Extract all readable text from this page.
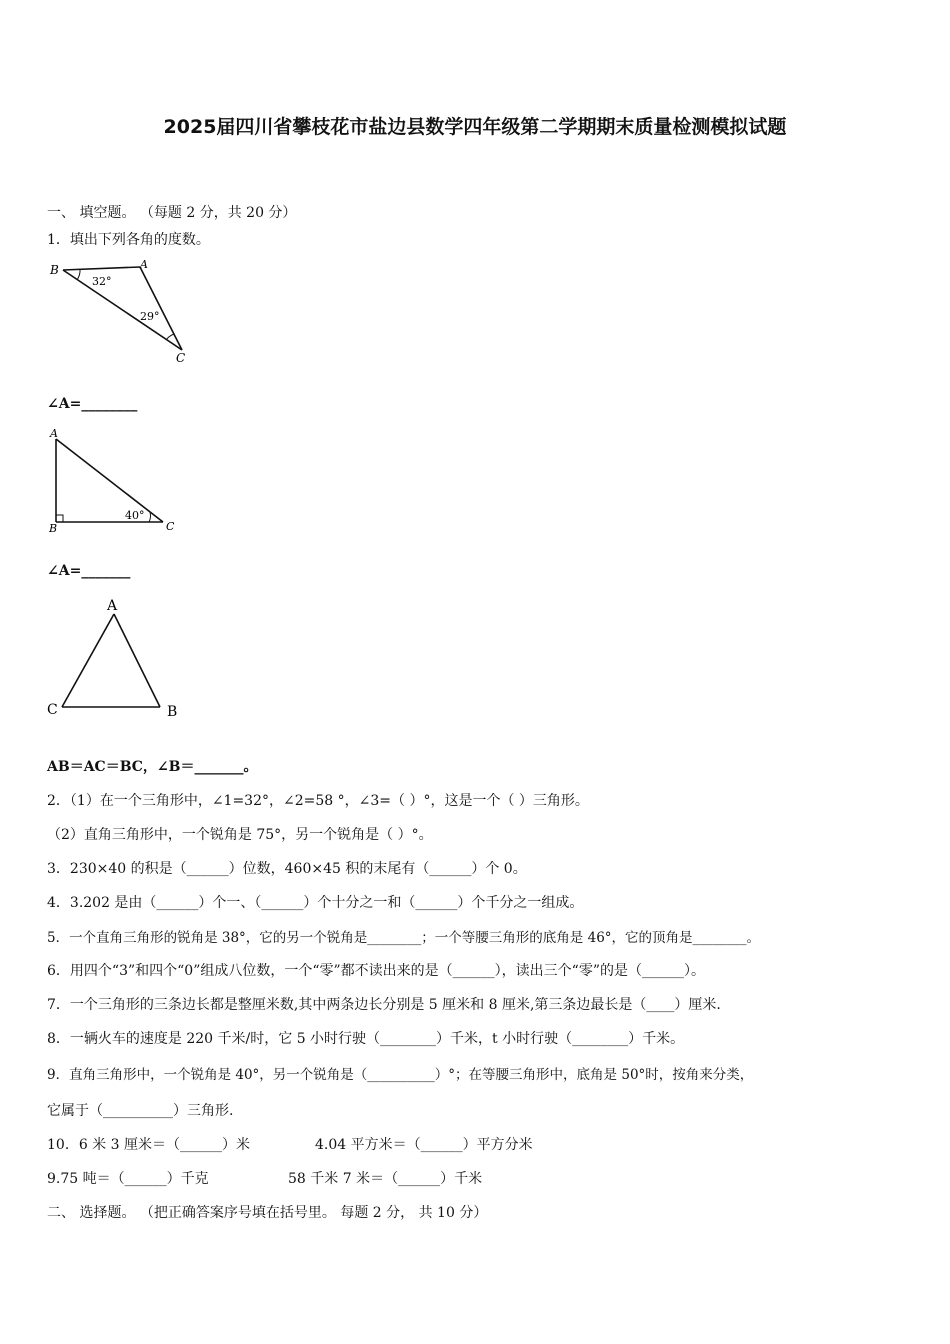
2025届四川省攀枝花市盐边县数学四年级第二学期期末质量检测模拟试题
一、 填空题。 （每题 2 分，共 20 分）
1．填出下列各角的度数。
B	A
C
32°
29°
∠A=________
A
B	C
40°
∠A=_______
A
C	B
AB＝AC＝BC，∠B＝_______。
2．（1）在一个三角形中，∠1=32°，∠2=58 °，∠3=（ ）°，这是一个（ ）三角形。
（2）直角三角形中，一个锐角是 75°，另一个锐角是（ ）°。
3．230×40 的积是（______）位数，460×45 积的末尾有（______）个 0。
4．3.202 是由（______）个一、（______）个十分之一和（______）个千分之一组成。
5．一个直角三角形的锐角是 38°，它的另一个锐角是________；一个等腰三角形的底角是 46°，它的顶角是________。
6．用四个“3”和四个“0”组成八位数，一个“零”都不读出来的是（______），读出三个“零”的是（______）。
7．一个三角形的三条边长都是整厘米数,其中两条边长分别是 5 厘米和 8 厘米,第三条边最长是（____）厘米.
8．一辆火车的速度是 220 千米/时，它 5 小时行驶（________）千米，t 小时行驶（________）千米。
9．直角三角形中，一个锐角是 40°，另一个锐角是（__________）°；在等腰三角形中，底角是 50°时，按角来分类，
它属于（__________）三角形.
10．6 米 3 厘米＝（______）米	4.04 平方米＝（______）平方分米
9.75 吨＝（______）千克	58 千米 7 米＝（______）千米
二、 选择题。 （把正确答案序号填在括号里。 每题 2 分， 共 10 分）
